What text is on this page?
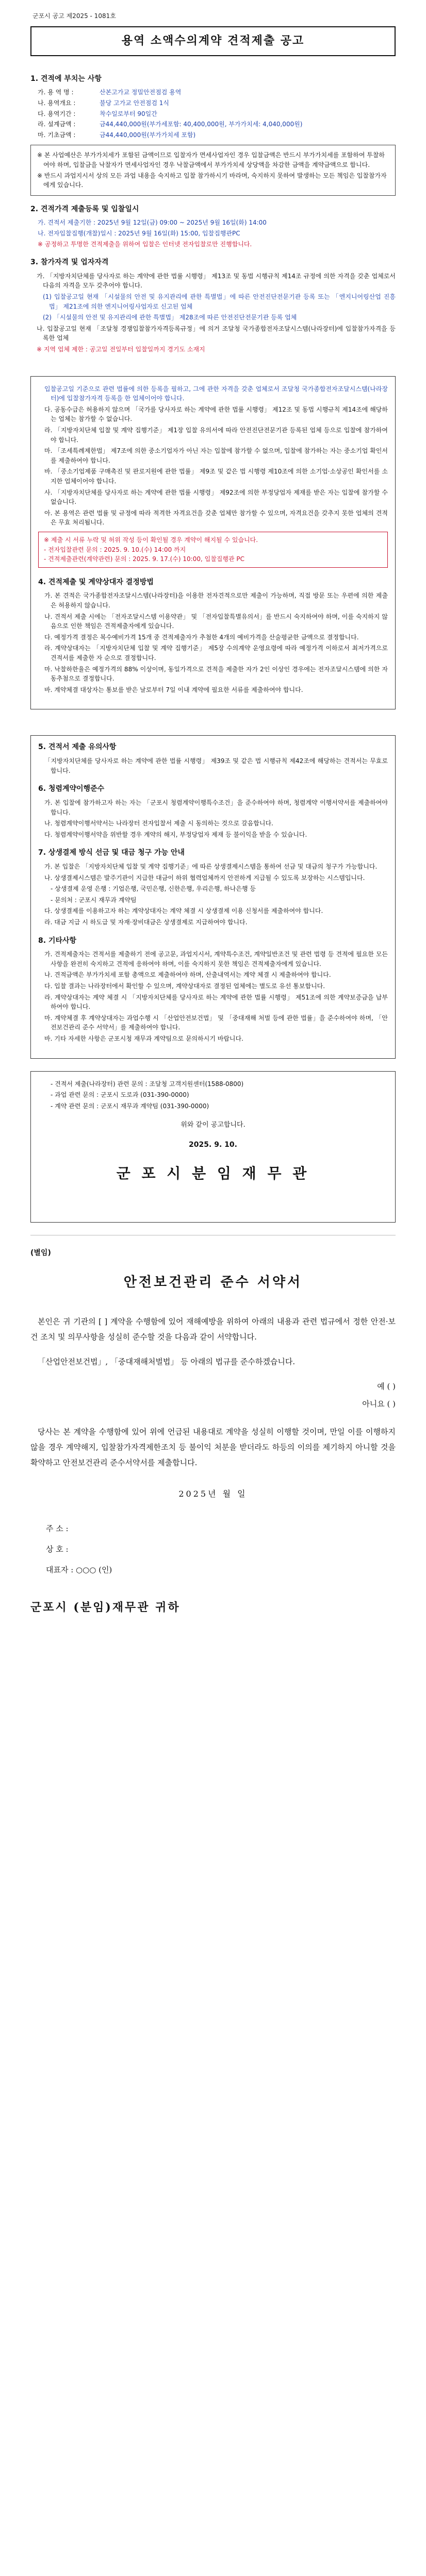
군포시 공고 제2025 - 1081호
용역 소액수의계약 견적제출 공고
1. 견적에 부치는 사항
가. 용 역 명 :	산본고가교 정밀안전점검 용역
나. 용역개요 :	불당 고가교 안전점검 1식
다. 용역기간 :	착수일로부터 90일간
라. 설계금액 :	금44,440,000원(부가세포함: 40,400,000원, 부가가치세: 4,040,000원)
마. 기초금액 :	금44,440,000원(부가가치세 포함)

※ 본 사업예산은 부가가치세가 포함된 금액이므로 입찰자가 면세사업자인 경우 입찰금액은 반드시 부가가치세를 포함하여 투찰하여야 하며, 입찰금을 낙찰자가 면세사업자인 경우 낙찰금액에서 부가가치세 상당액을 차감한 금액을 계약금액으로 합니다.

※ 반드시 과업지시서 상의 모든 과업 내용을 숙지하고 입찰 참가하시기 바라며, 숙지하지 못하여 발생하는 모든 책임은 입찰참가자에게 있습니다.

2. 견적가격 제출등록 및 입찰일시
가. 견적서 제출기한 : 2025년 9월 12일(금) 09:00 ~ 2025년 9월 16일(화) 14:00
나. 전자입찰집행(개찰)일시 : 2025년 9월 16일(화) 15:00, 입찰집행관PC
※ 공정하고 투명한 견적제출을 위하여 입찰은 인터넷 전자입찰로만 진행합니다.
3. 참가자격 및 업자자격
가. 「지방자치단체를 당사자로 하는 계약에 관한 법률 시행령」 제13조 및 동법 시행규칙 제14조 규정에 의한 자격을 갖춘 업체로서 다음의 자격을 모두 갖추어야 합니다.
(1) 입찰공고일 현재 「시설물의 안전 및 유지관리에 관한 특별법」에 따른 안전진단전문기관 등록 또는 「엔지니어링산업 진흥법」 제21조에 의한 엔지니어링사업자로 신고된 업체
(2) 「시설물의 안전 및 유지관리에 관한 특별법」 제28조에 따른 안전진단전문기관 등록 업체
나. 입찰공고일 현재 「조달청 경쟁입찰참가자격등록규정」에 의거 조달청 국가종합전자조달시스템(나라장터)에 입찰참가자격을 등록한 업체
※ 지역 업체 제한 : 공고일 전일부터 입찰일까지 경기도 소재지
입찰공고일 기준으로 관련 법률에 의한 등록을 필하고, 그에 관한 자격을 갖춘 업체로서 조달청 국가종합전자조달시스템(나라장터)에 입찰참가자격 등록을 한 업체이어야 합니다.
다. 공동수급은 허용하지 않으며 「국가를 당사자로 하는 계약에 관한 법률 시행령」 제12조 및 동법 시행규칙 제14조에 해당하는 업체는 참가할 수 없습니다.
라. 「지방자치단체 입찰 및 계약 집행기준」 제1장 입찰 유의서에 따라 안전진단전문기관 등록된 업체 등으로 입찰에 참가하여야 합니다.
마. 「조세특례제한법」 제7조에 의한 중소기업자가 아닌 자는 입찰에 참가할 수 없으며, 입찰에 참가하는 자는 중소기업 확인서를 제출하여야 합니다.
바. 「중소기업제품 구매촉진 및 판로지원에 관한 법률」 제9조 및 같은 법 시행령 제10조에 의한 소기업·소상공인 확인서를 소지한 업체이어야 합니다.
사. 「지방자치단체를 당사자로 하는 계약에 관한 법률 시행령」 제92조에 의한 부정당업자 제재를 받은 자는 입찰에 참가할 수 없습니다.
아. 본 용역은 관련 법률 및 규정에 따라 적격한 자격요건을 갖춘 업체만 참가할 수 있으며, 자격요건을 갖추지 못한 업체의 견적은 무효 처리됩니다.
※ 제출 시 서류 누락 및 허위 작성 등이 확인될 경우 계약이 해지될 수 있습니다.
- 전자입찰관련 문의 : 2025. 9. 10.(수) 14:00 까지
- 견적제출관련(계약관련) 문의 : 2025. 9. 17.(수) 10:00, 입찰집행관 PC
4. 견적제출 및 계약상대자 결정방법
가. 본 견적은 국가종합전자조달시스템(나라장터)을 이용한 전자견적으로만 제출이 가능하며, 직접 방문 또는 우편에 의한 제출은 허용하지 않습니다.
나. 견적서 제출 시에는 「전자조달시스템 이용약관」 및 「전자입찰특별유의서」를 반드시 숙지하여야 하며, 이를 숙지하지 않음으로 인한 책임은 견적제출자에게 있습니다.
다. 예정가격 결정은 복수예비가격 15개 중 견적제출자가 추첨한 4개의 예비가격을 산술평균한 금액으로 결정합니다.
라. 계약상대자는 「지방자치단체 입찰 및 계약 집행기준」 제5장 수의계약 운영요령에 따라 예정가격 이하로서 최저가격으로 견적서를 제출한 자 순으로 결정합니다.
마. 낙찰하한율은 예정가격의 88% 이상이며, 동일가격으로 견적을 제출한 자가 2인 이상인 경우에는 전자조달시스템에 의한 자동추첨으로 결정합니다.
바. 계약체결 대상자는 통보를 받은 날로부터 7일 이내 계약에 필요한 서류를 제출하여야 합니다.
5. 견적서 제출 유의사항
「지방자치단체를 당사자로 하는 계약에 관한 법률 시행령」 제39조 및 같은 법 시행규칙 제42조에 해당하는 견적서는 무효로 합니다.
6. 청렴계약이행준수
가. 본 입찰에 참가하고자 하는 자는 「군포시 청렴계약이행특수조건」을 준수하여야 하며, 청렴계약 이행서약서를 제출하여야 합니다.
나. 청렴계약이행서약서는 나라장터 전자입찰서 제출 시 동의하는 것으로 갈음합니다.
다. 청렴계약이행서약을 위반할 경우 계약의 해지, 부정당업자 제재 등 불이익을 받을 수 있습니다.
7. 상생결제 방식 선금 및 대금 청구 가능 안내
가. 본 입찰은 「지방자치단체 입찰 및 계약 집행기준」에 따른 상생결제시스템을 통하여 선금 및 대금의 청구가 가능합니다.
나. 상생결제시스템은 발주기관이 지급한 대금이 하위 협력업체까지 안전하게 지급될 수 있도록 보장하는 시스템입니다.
- 상생결제 운영 은행 : 기업은행, 국민은행, 신한은행, 우리은행, 하나은행 등
- 문의처 : 군포시 재무과 계약팀
다. 상생결제를 이용하고자 하는 계약상대자는 계약 체결 시 상생결제 이용 신청서를 제출하여야 합니다.
라. 대금 지급 시 하도급 및 자재·장비대금은 상생결제로 지급하여야 합니다.
8. 기타사항
가. 견적제출자는 견적서를 제출하기 전에 공고문, 과업지시서, 계약특수조건, 계약일반조건 및 관련 법령 등 견적에 필요한 모든 사항을 완전히 숙지하고 견적에 응하여야 하며, 이를 숙지하지 못한 책임은 견적제출자에게 있습니다.
나. 견적금액은 부가가치세 포함 총액으로 제출하여야 하며, 산출내역서는 계약 체결 시 제출하여야 합니다.
다. 입찰 결과는 나라장터에서 확인할 수 있으며, 계약상대자로 결정된 업체에는 별도로 유선 통보합니다.
라. 계약상대자는 계약 체결 시 「지방자치단체를 당사자로 하는 계약에 관한 법률 시행령」 제51조에 의한 계약보증금을 납부하여야 합니다.
마. 계약체결 후 계약상대자는 과업수행 시 「산업안전보건법」 및 「중대재해 처벌 등에 관한 법률」을 준수하여야 하며, 「안전보건관리 준수 서약서」를 제출하여야 합니다.
바. 기타 자세한 사항은 군포시청 재무과 계약팀으로 문의하시기 바랍니다.
- 견적서 제출(나라장터) 관련 문의 : 조달청 고객지원센터(1588-0800)
- 과업 관련 문의 : 군포시 도로과 (031-390-0000)
- 계약 관련 문의 : 군포시 재무과 계약팀 (031-390-0000)
위와 같이 공고합니다.
2025. 9. 10.
군 포 시 분 임 재 무 관
(별임)
안전보건관리 준수 서약서

본인은 귀 기관의 [ ] 계약을 수행함에 있어 재해예방을 위하여 아래의 내용과 관련 법규에서 정한 안전·보건 조치 및 의무사항을 성실히 준수할 것을 다음과 같이 서약합니다.

「산업안전보건법」, 「중대재해처벌법」 등 아래의 법규를 준수하겠습니다.

예 ( )
아니요 ( )

당사는 본 계약을 수행함에 있어 위에 언급된 내용대로 계약을 성실히 이행할 것이며, 만일 이를 이행하지 않을 경우 계약해지, 입찰참가자격제한조치 등 불이익 처분을 받더라도 하등의 이의를 제기하지 아니할 것을 확약하고 안전보건관리 준수서약서를 제출합니다.

2025년 월 일
주 소 :
상 호 :
대표자 : ○○○ (인)
군포시 (분임)재무관 귀하
